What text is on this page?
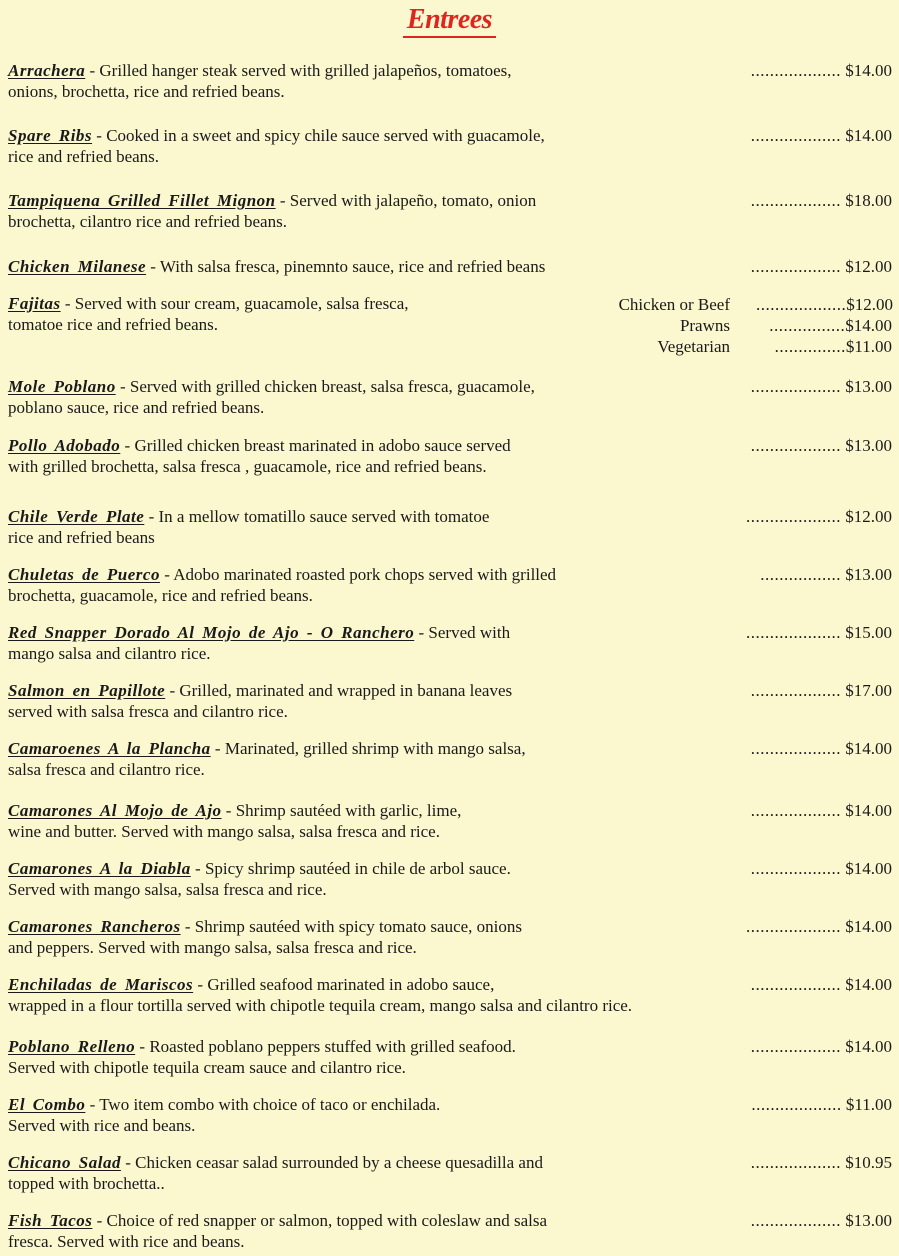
Entrees
Arrachera - Grilled hanger steak served with grilled jalapeños, tomatoes,
onions, brochetta, rice and refried beans.
................... $14.00
Spare Ribs - Cooked in a sweet and spicy chile sauce served with guacamole,
rice and refried beans.
................... $14.00
Tampiquena Grilled Fillet Mignon - Served with jalapeño, tomato, onion
brochetta, cilantro rice and refried beans.
................... $18.00
Chicken Milanese - With salsa fresca, pinemnto sauce, rice and refried beans	................... $12.00
Fajitas - Served with sour cream, guacamole, salsa fresca,
tomatoe rice and refried beans.
Chicken or Beef ...................$12.00
Prawns	................$14.00
Vegetarian	...............$11.00
Mole Poblano - Served with grilled chicken breast, salsa fresca, guacamole,
poblano sauce, rice and refried beans.
................... $13.00
Pollo Adobado - Grilled chicken breast marinated in adobo sauce served
with grilled brochetta, salsa fresca , guacamole, rice and refried beans.
................... $13.00
Chile Verde Plate - In a mellow tomatillo sauce served with tomatoe
rice and refried beans
.................... $12.00
Chuletas de Puerco - Adobo marinated roasted pork chops served with grilled
brochetta, guacamole, rice and refried beans.
................. $13.00
Red Snapper Dorado Al Mojo de Ajo - O Ranchero - Served with
mango salsa and cilantro rice.
.................... $15.00
Salmon en Papillote - Grilled, marinated and wrapped in banana leaves
served with salsa fresca and cilantro rice.
................... $17.00
Camaroenes A la Plancha - Marinated, grilled shrimp with mango salsa,
salsa fresca and cilantro rice.
................... $14.00
Camarones Al Mojo de Ajo - Shrimp sautéed with garlic, lime,
wine and butter. Served with mango salsa, salsa fresca and rice.
................... $14.00
Camarones A la Diabla - Spicy shrimp sautéed in chile de arbol sauce.
Served with mango salsa, salsa fresca and rice.
................... $14.00
Camarones Rancheros - Shrimp sautéed with spicy tomato sauce, onions
and peppers. Served with mango salsa, salsa fresca and rice.
.................... $14.00
Enchiladas de Mariscos - Grilled seafood marinated in adobo sauce,
wrapped in a flour tortilla served with chipotle tequila cream, mango salsa and cilantro rice.
................... $14.00
Poblano Relleno - Roasted poblano peppers stuffed with grilled seafood.
Served with chipotle tequila cream sauce and cilantro rice.
................... $14.00
El Combo - Two item combo with choice of taco or enchilada.
Served with rice and beans.
................... $11.00
Chicano Salad - Chicken ceasar salad surrounded by a cheese quesadilla and
topped with brochetta..
................... $10.95
Fish Tacos - Choice of red snapper or salmon, topped with coleslaw and salsa
fresca. Served with rice and beans.
................... $13.00
